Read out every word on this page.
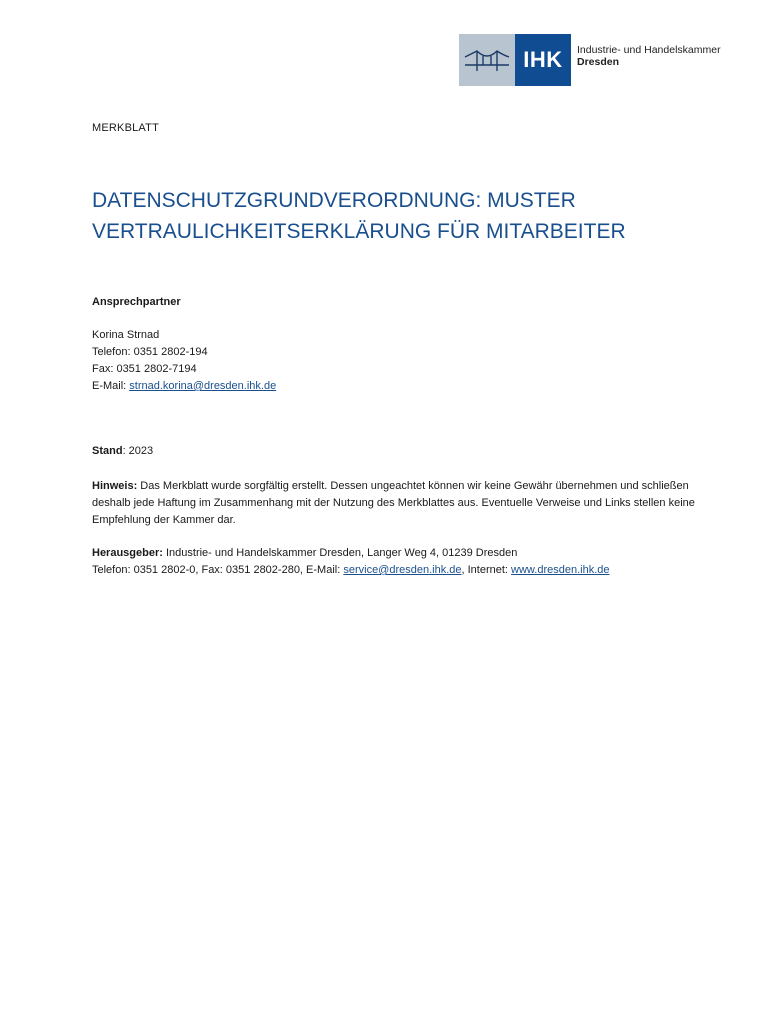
IHK	Industrie- und Handelskammer
Dresden
MERKBLATT
DATENSCHUTZGRUNDVERORDNUNG: MUSTER
VERTRAULICHKEITSERKLÄRUNG FÜR MITARBEITER
Ansprechpartner
Korina Strnad
Telefon: 0351 2802-194
Fax: 0351 2802-7194
E-Mail: strnad.korina@dresden.ihk.de
Stand: 2023
Hinweis: Das Merkblatt wurde sorgfältig erstellt. Dessen ungeachtet können wir keine Gewähr übernehmen und schließen deshalb jede Haftung im Zusammenhang mit der Nutzung des Merkblattes aus. Eventuelle Verweise und Links stellen keine Empfehlung der Kammer dar.
Herausgeber: Industrie- und Handelskammer Dresden, Langer Weg 4, 01239 Dresden
Telefon: 0351 2802-0, Fax: 0351 2802-280, E-Mail: service@dresden.ihk.de, Internet: www.dresden.ihk.de
